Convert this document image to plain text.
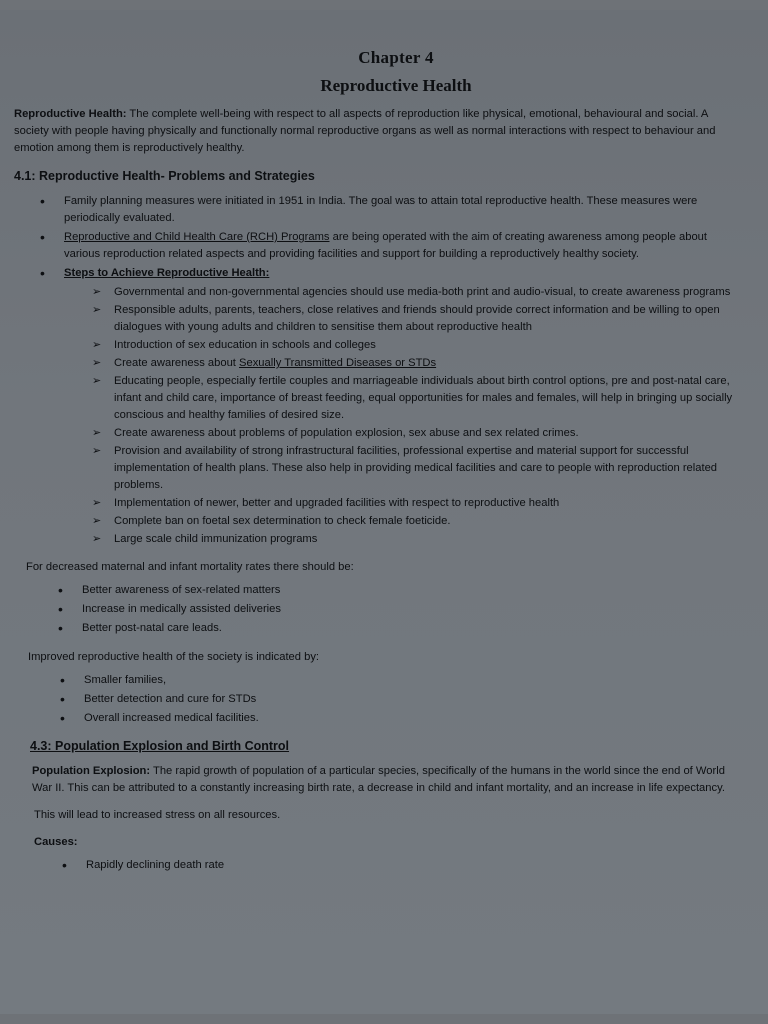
Chapter 4
Reproductive Health

Reproductive Health: The complete well-being with respect to all aspects of reproduction like physical, emotional, behavioural and social. A society with people having physically and functionally normal reproductive organs as well as normal interactions with respect to behaviour and emotion among them is reproductively healthy.

4.1: Reproductive Health- Problems and Strategies
• Family planning measures were initiated in 1951 in India. The goal was to attain total reproductive health. These measures were periodically evaluated.
• Reproductive and Child Health Care (RCH) Programs are being operated with the aim of creating awareness among people about various reproduction related aspects and providing facilities and support for building a reproductively healthy society.
• Steps to Achieve Reproductive Health:
➢ Governmental and non-governmental agencies should use media-both print and audio-visual, to create awareness programs
➢ Responsible adults, parents, teachers, close relatives and friends should provide correct information and be willing to open dialogues with young adults and children to sensitise them about reproductive health
➢ Introduction of sex education in schools and colleges
➢ Create awareness about Sexually Transmitted Diseases or STDs
➢ Educating people, especially fertile couples and marriageable individuals about birth control options, pre and post-natal care, infant and child care, importance of breast feeding, equal opportunities for males and females, will help in bringing up socially conscious and healthy families of desired size.
➢ Create awareness about problems of population explosion, sex abuse and sex related crimes.
➢ Provision and availability of strong infrastructural facilities, professional expertise and material support for successful implementation of health plans. These also help in providing medical facilities and care to people with reproduction related problems.
➢ Implementation of newer, better and upgraded facilities with respect to reproductive health
➢ Complete ban on foetal sex determination to check female foeticide.
➢ Large scale child immunization programs

For decreased maternal and infant mortality rates there should be:

• Better awareness of sex-related matters
• Increase in medically assisted deliveries
• Better post-natal care leads.

Improved reproductive health of the society is indicated by:

• Smaller families,
• Better detection and cure for STDs
• Overall increased medical facilities.
4.3: Population Explosion and Birth Control

Population Explosion: The rapid growth of population of a particular species, specifically of the humans in the world since the end of World War II. This can be attributed to a constantly increasing birth rate, a decrease in child and infant mortality, and an increase in life expectancy.

This will lead to increased stress on all resources.

Causes:

• Rapidly declining death rate
